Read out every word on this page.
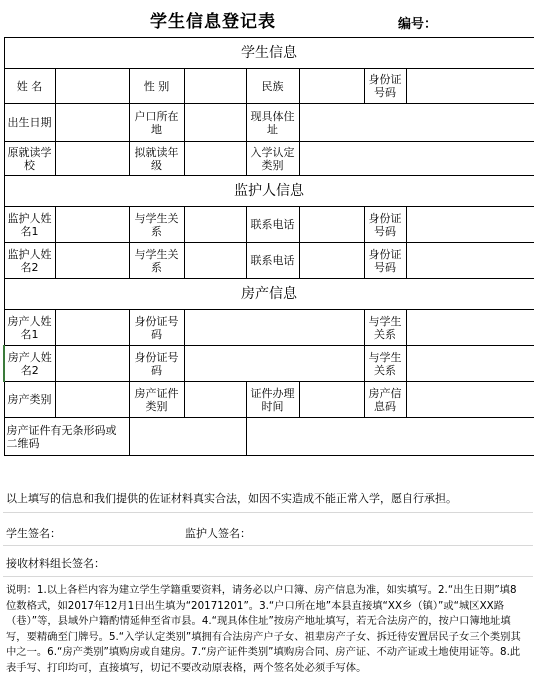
学生信息登记表	编号：
学生信息							
姓 名		性 别		民族		身份证号码	
出生日期		户口所在地		现具体住址			
原就读学校		拟就读年级		入学认定类别			
监护人信息							
监护人姓名1		与学生关系		联系电话		身份证号码	
监护人姓名2		与学生关系		联系电话		身份证号码	
房产信息							
房产人姓名1		身份证号码				与学生关系	
房产人姓名2		身份证号码				与学生关系	
房产类别		房产证件类别		证件办理时间		房产信息码	
房产证件有无条形码或二维码							
以上填写的信息和我们提供的佐证材料真实合法，如因不实造成不能正常入学，愿自行承担。
学生签名：	监护人签名：
接收材料组长签名：
说明：1.以上各栏内容为建立学生学籍重要资料，请务必以户口簿、房产信息为准，如实填写。2.“出生日期”填8位数格式，如2017年12月1日出生填为“20171201”。3.“户口所在地”本县直接填“XX乡（镇）”或“城区XX路（巷）”等，县域外户籍酌情延伸至省市县。4.“现具体住址”按房产地址填写，若无合法房产的，按户口簿地址填写，要精确至门牌号。5.“入学认定类别”填拥有合法房产户子女、祖辈房产子女、拆迁待安置居民子女三个类别其中之一。6.“房产类别”填购房或自建房。7.“房产证件类别”填购房合同、房产证、不动产证或土地使用证等。8.此表手写、打印均可，直接填写，切记不要改动原表格，两个签名处必须手写体。
